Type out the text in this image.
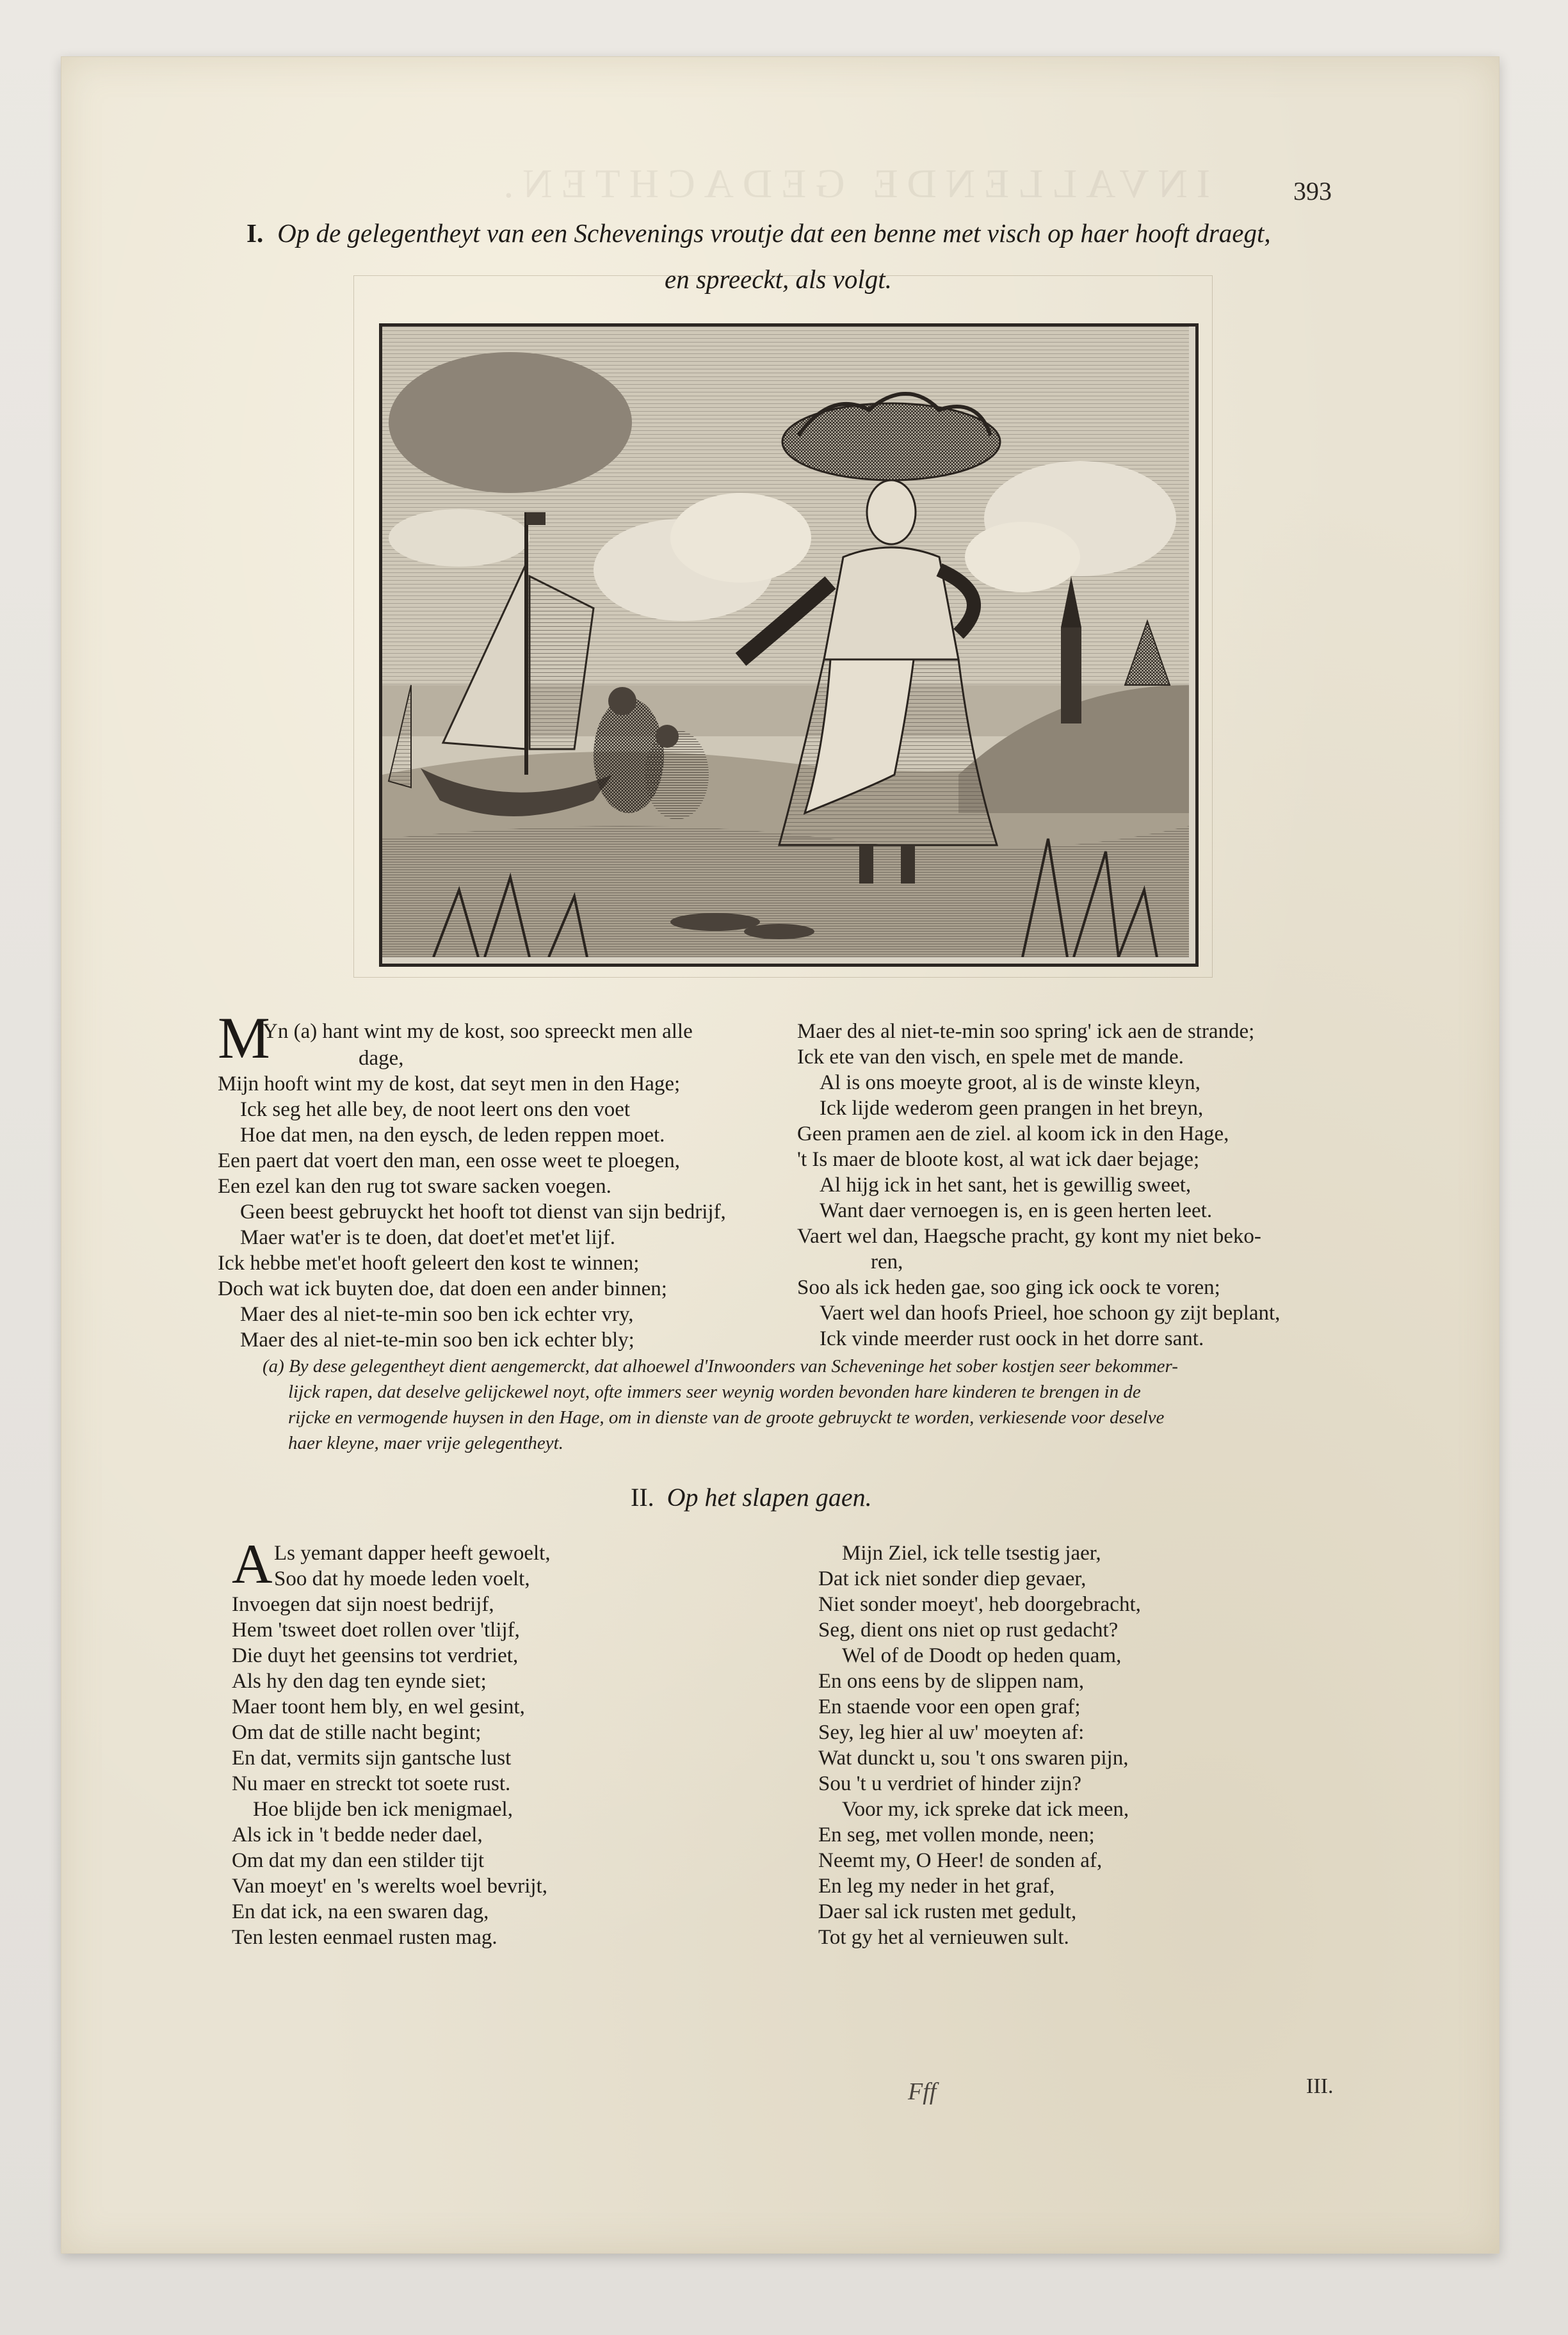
INVALLENDE GEDACHTEN.	393
I. Op de gelegentheyt van een Schevenings vroutje dat een benne met visch op haer hooft draegt,
en spreeckt, als volgt.
M
Yn (a) hant wint my de kost, soo spreeckt men alle
dage,
Mijn hooft wint my de kost, dat seyt men in den Hage;
Ick seg het alle bey, de noot leert ons den voet
Hoe dat men, na den eysch, de leden reppen moet.
Een paert dat voert den man, een osse weet te ploegen,
Een ezel kan den rug tot sware sacken voegen.
Geen beest gebruyckt het hooft tot dienst van sijn bedrijf,
Maer wat'er is te doen, dat doet'et met'et lijf.
Ick hebbe met'et hooft geleert den kost te winnen;
Doch wat ick buyten doe, dat doen een ander binnen;
Maer des al niet-te-min soo ben ick echter vry,
Maer des al niet-te-min soo ben ick echter bly;
Maer des al niet-te-min soo spring' ick aen de strande;
Ick ete van den visch, en spele met de mande.
Al is ons moeyte groot, al is de winste kleyn,
Ick lijde wederom geen prangen in het breyn,
Geen pramen aen de ziel. al koom ick in den Hage,
't Is maer de bloote kost, al wat ick daer bejage;
Al hijg ick in het sant, het is gewillig sweet,
Want daer vernoegen is, en is geen herten leet.
Vaert wel dan, Haegsche pracht, gy kont my niet beko-
ren,
Soo als ick heden gae, soo ging ick oock te voren;
Vaert wel dan hoofs Prieel, hoe schoon gy zijt beplant,
Ick vinde meerder rust oock in het dorre sant.
(a) By dese gelegentheyt dient aengemerckt, dat alhoewel d'Inwoonders van Scheveninge het sober kostjen seer bekommer-
lijck rapen, dat deselve gelijckewel noyt, ofte immers seer weynig worden bevonden hare kinderen te brengen in de
rijcke en vermogende huysen in den Hage, om in dienste van de groote gebruyckt te worden, verkiesende voor deselve
haer kleyne, maer vrije gelegentheyt.
II. Op het slapen gaen.
A Ls yemant dapper heeft gewoelt,
Soo dat hy moede leden voelt,
Invoegen dat sijn noest bedrijf,
Hem 'tsweet doet rollen over 'tlijf,
Die duyt het geensins tot verdriet,
Als hy den dag ten eynde siet;
Maer toont hem bly, en wel gesint,
Om dat de stille nacht begint;
En dat, vermits sijn gantsche lust
Nu maer en streckt tot soete rust.
Hoe blijde ben ick menigmael,
Als ick in 't bedde neder dael,
Om dat my dan een stilder tijt
Van moeyt' en 's werelts woel bevrijt,
En dat ick, na een swaren dag,
Ten lesten eenmael rusten mag.
Mijn Ziel, ick telle tsestig jaer,
Dat ick niet sonder diep gevaer,
Niet sonder moeyt', heb doorgebracht,
Seg, dient ons niet op rust gedacht?
Wel of de Doodt op heden quam,
En ons eens by de slippen nam,
En staende voor een open graf;
Sey, leg hier al uw' moeyten af:
Wat dunckt u, sou 't ons swaren pijn,
Sou 't u verdriet of hinder zijn?
Voor my, ick spreke dat ick meen,
En seg, met vollen monde, neen;
Neemt my, O Heer! de sonden af,
En leg my neder in het graf,
Daer sal ick rusten met gedult,
Tot gy het al vernieuwen sult.
Fff	III.
